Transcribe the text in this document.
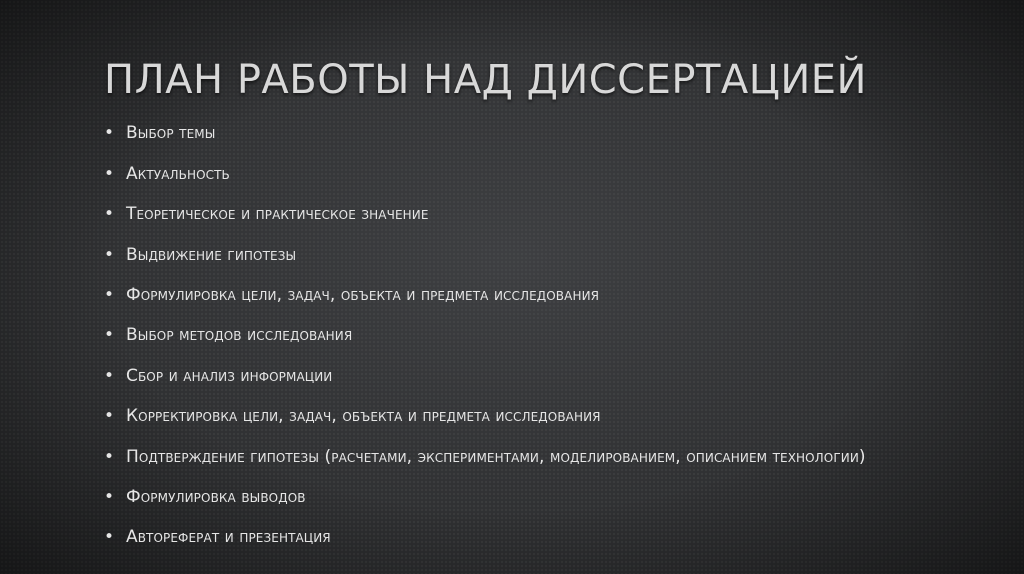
ПЛАН РАБОТЫ НАД ДИССЕРТАЦИЕЙ
• Выбор темы
• Актуальность
• Теоретическое и практическое значение
• Выдвижение гипотезы
• Формулировка цели, задач, объекта и предмета исследования
• Выбор методов исследования
• Сбор и анализ информации
• Корректировка цели, задач, объекта и предмета исследования
• Подтверждение гипотезы (расчетами, экспериментами, моделированием, описанием технологии)
• Формулировка выводов
• Автореферат и презентация
